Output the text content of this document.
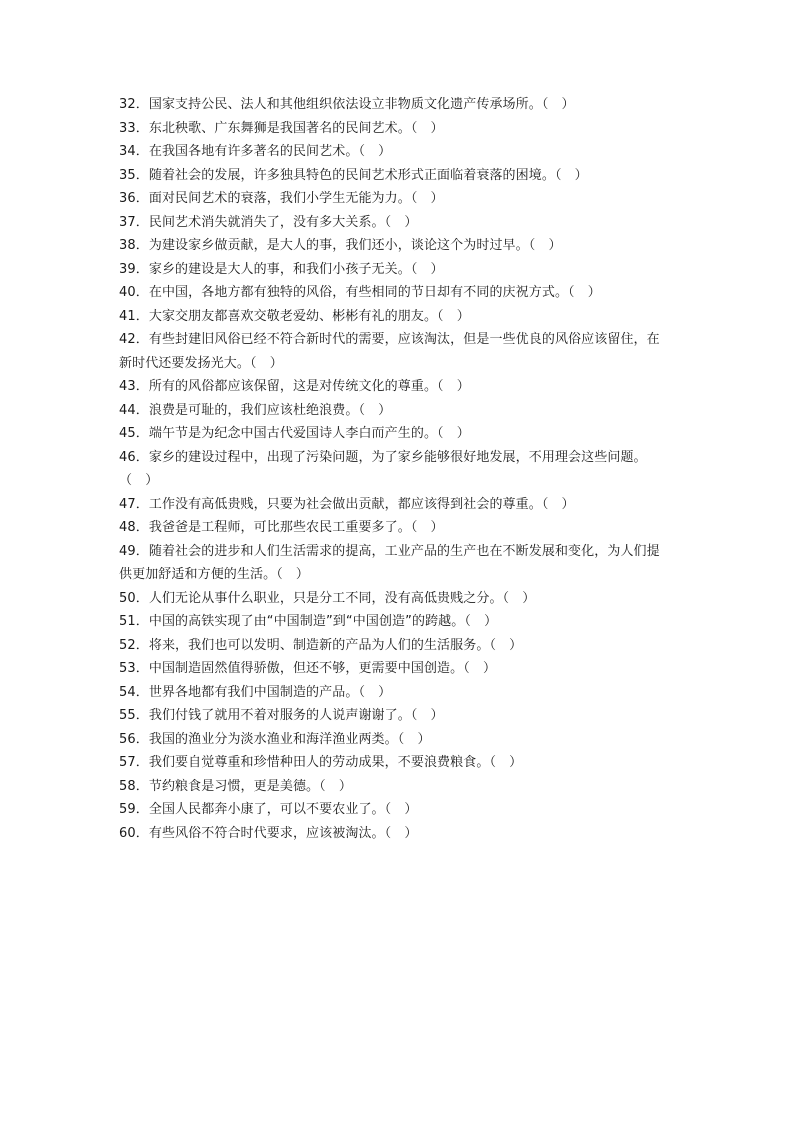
32．国家支持公民、法人和其他组织依法设立非物质文化遗产传承场所。（　）
33．东北秧歌、广东舞狮是我国著名的民间艺术。（　）
34．在我国各地有许多著名的民间艺术。（　）
35．随着社会的发展，许多独具特色的民间艺术形式正面临着衰落的困境。（　）
36．面对民间艺术的衰落，我们小学生无能为力。（　）
37．民间艺术消失就消失了，没有多大关系。（　）
38．为建设家乡做贡献，是大人的事，我们还小，谈论这个为时过早。（　）
39．家乡的建设是大人的事，和我们小孩子无关。（　）
40．在中国，各地方都有独特的风俗，有些相同的节日却有不同的庆祝方式。（　）
41．大家交朋友都喜欢交敬老爱幼、彬彬有礼的朋友。（　）
42．有些封建旧风俗已经不符合新时代的需要，应该淘汰，但是一些优良的风俗应该留住，在新时代还要发扬光大。（　）
43．所有的风俗都应该保留，这是对传统文化的尊重。（　）
44．浪费是可耻的，我们应该杜绝浪费。（　）
45．端午节是为纪念中国古代爱国诗人李白而产生的。（　）
46．家乡的建设过程中，出现了污染问题，为了家乡能够很好地发展，不用理会这些问题。（　）
47．工作没有高低贵贱，只要为社会做出贡献，都应该得到社会的尊重。（　）
48．我爸爸是工程师，可比那些农民工重要多了。（　）
49．随着社会的进步和人们生活需求的提高，工业产品的生产也在不断发展和变化，为人们提供更加舒适和方便的生活。（　）
50．人们无论从事什么职业，只是分工不同，没有高低贵贱之分。（　）
51．中国的高铁实现了由“中国制造”到“中国创造”的跨越。（　）
52．将来，我们也可以发明、制造新的产品为人们的生活服务。（　）
53．中国制造固然值得骄傲，但还不够，更需要中国创造。（　）
54．世界各地都有我们中国制造的产品。（　）
55．我们付钱了就用不着对服务的人说声谢谢了。（　）
56．我国的渔业分为淡水渔业和海洋渔业两类。（　）
57．我们要自觉尊重和珍惜种田人的劳动成果，不要浪费粮食。（　）
58．节约粮食是习惯，更是美德。（　）
59．全国人民都奔小康了，可以不要农业了。（　）
60．有些风俗不符合时代要求，应该被淘汰。（　）
